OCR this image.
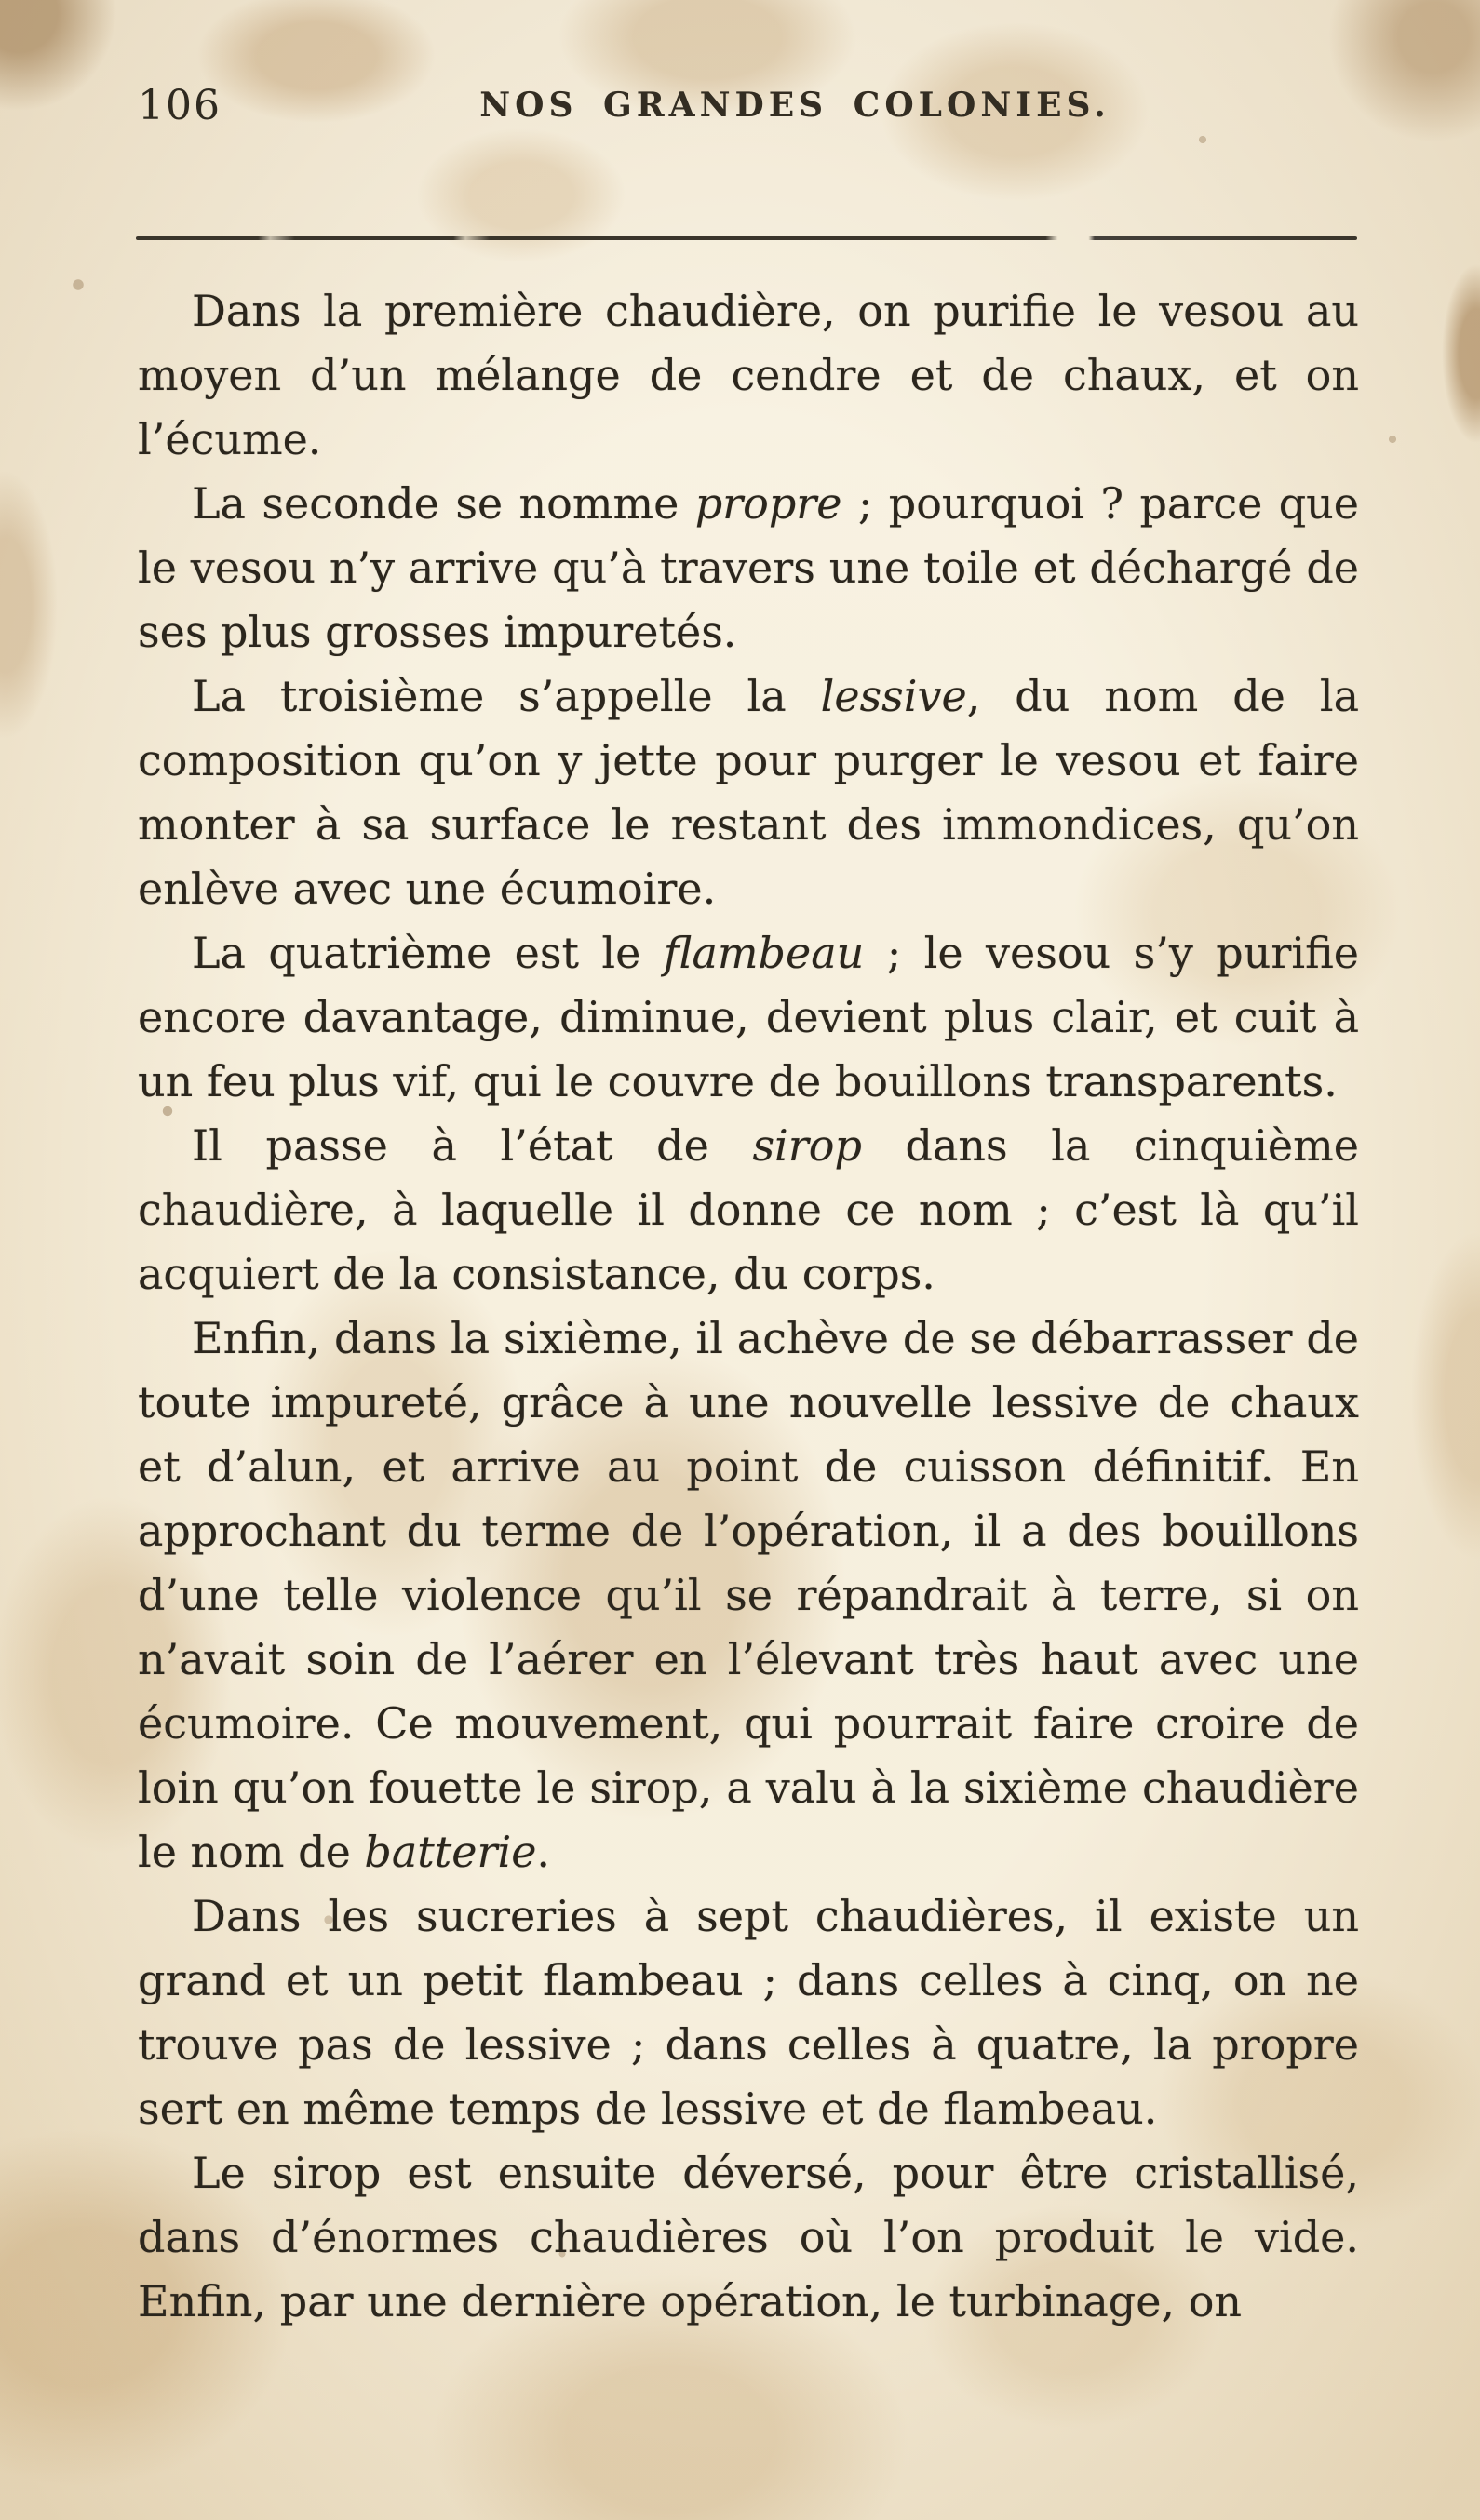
106	NOS GRANDES COLONIES.

Dans la première chaudière, on purifie le vesou au moyen d’un mélange de cendre et de chaux, et on l’écume.

La seconde se nomme propre ; pourquoi ? parce que le vesou n’y arrive qu’à travers une toile et déchargé de ses plus grosses impuretés.

La troisième s’appelle la lessive, du nom de la composition qu’on y jette pour purger le vesou et faire monter à sa surface le restant des immondices, qu’on enlève avec une écumoire.

La quatrième est le flambeau ; le vesou s’y purifie encore davantage, diminue, devient plus clair, et cuit à un feu plus vif, qui le couvre de bouillons transparents.

Il passe à l’état de sirop dans la cinquième chaudière, à laquelle il donne ce nom ; c’est là qu’il acquiert de la consistance, du corps.

Enfin, dans la sixième, il achève de se débarrasser de toute impureté, grâce à une nouvelle lessive de chaux et d’alun, et arrive au point de cuisson définitif. En approchant du terme de l’opération, il a des bouillons d’une telle violence qu’il se répandrait à terre, si on n’avait soin de l’aérer en l’élevant très haut avec une écumoire. Ce mouvement, qui pourrait faire croire de loin qu’on fouette le sirop, a valu à la sixième chaudière le nom de batterie.

Dans les sucreries à sept chaudières, il existe un grand et un petit flambeau ; dans celles à cinq, on ne trouve pas de lessive ; dans celles à quatre, la propre sert en même temps de lessive et de flambeau.

Le sirop est ensuite déversé, pour être cristallisé, dans d’énormes chaudières où l’on produit le vide. Enfin, par une dernière opération, le turbinage, on
